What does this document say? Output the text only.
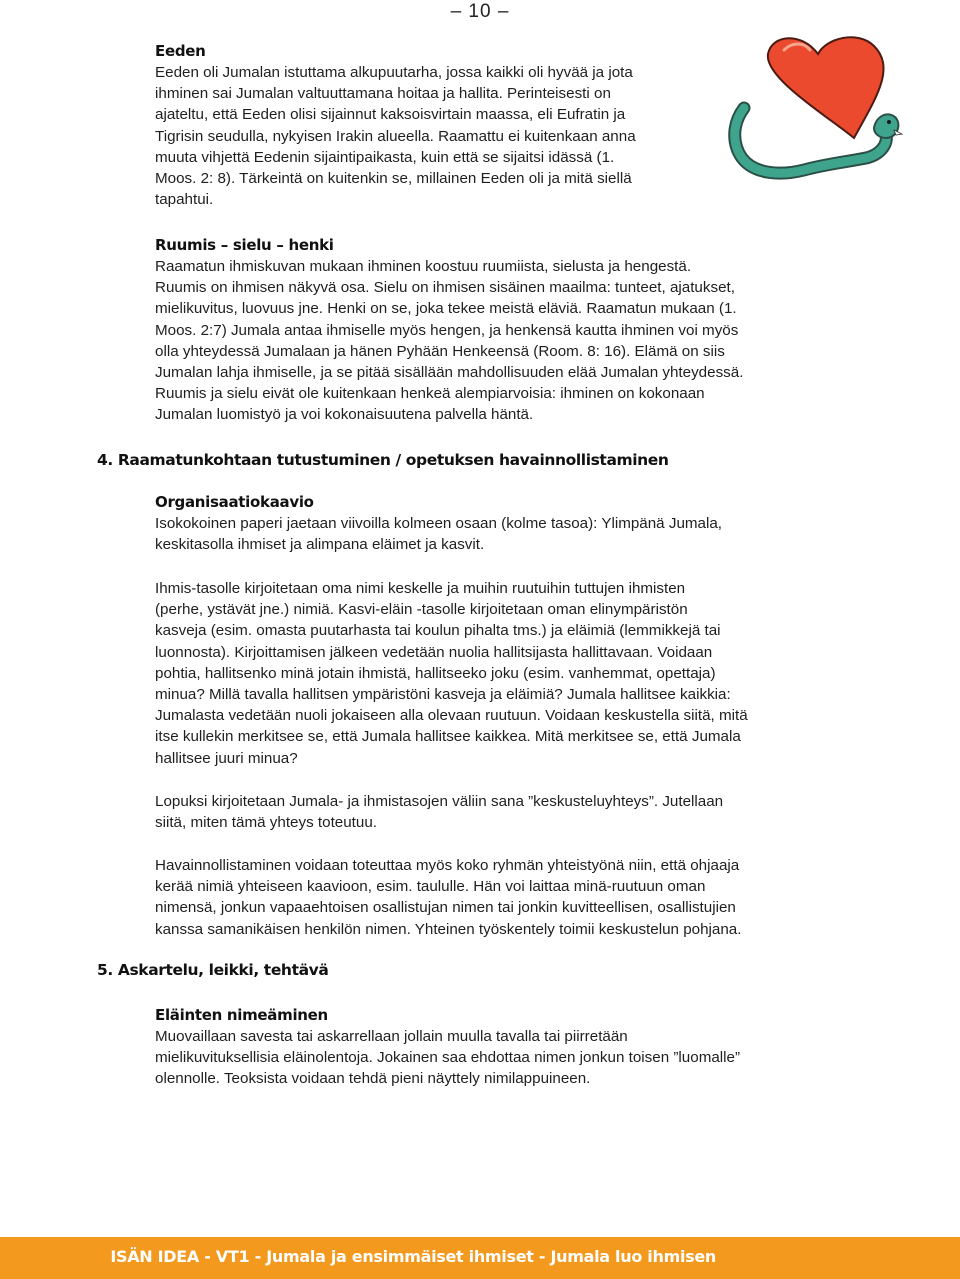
– 10 –

Eeden

Eeden oli Jumalan istuttama alkupuutarha, jossa kaikki oli hyvää ja jota
ihminen sai Jumalan valtuuttamana hoitaa ja hallita. Perinteisesti on
ajateltu, että Eeden olisi sijainnut kaksoisvirtain maassa, eli Eufratin ja
Tigrisin seudulla, nykyisen Irakin alueella. Raamattu ei kuitenkaan anna
muuta vihjettä Eedenin sijaintipaikasta, kuin että se sijaitsi idässä (1.
Moos. 2: 8). Tärkeintä on kuitenkin se, millainen Eeden oli ja mitä siellä
tapahtui.

Ruumis – sielu – henki

Raamatun ihmiskuvan mukaan ihminen koostuu ruumiista, sielusta ja hengestä.
Ruumis on ihmisen näkyvä osa. Sielu on ihmisen sisäinen maailma: tunteet, ajatukset,
mielikuvitus, luovuus jne. Henki on se, joka tekee meistä eläviä. Raamatun mukaan (1.
Moos. 2:7) Jumala antaa ihmiselle myös hengen, ja henkensä kautta ihminen voi myös
olla yhteydessä Jumalaan ja hänen Pyhään Henkeensä (Room. 8: 16). Elämä on siis
Jumalan lahja ihmiselle, ja se pitää sisällään mahdollisuuden elää Jumalan yhteydessä.
Ruumis ja sielu eivät ole kuitenkaan henkeä alempiarvoisia: ihminen on kokonaan
Jumalan luomistyö ja voi kokonaisuutena palvella häntä.

4. Raamatunkohtaan tutustuminen / opetuksen havainnollistaminen

Organisaatiokaavio

Isokokoinen paperi jaetaan viivoilla kolmeen osaan (kolme tasoa): Ylimpänä Jumala,
keskitasolla ihmiset ja alimpana eläimet ja kasvit.

Ihmis-tasolle kirjoitetaan oma nimi keskelle ja muihin ruutuihin tuttujen ihmisten
(perhe, ystävät jne.) nimiä. Kasvi-eläin -tasolle kirjoitetaan oman elinympäristön
kasveja (esim. omasta puutarhasta tai koulun pihalta tms.) ja eläimiä (lemmikkejä tai
luonnosta). Kirjoittamisen jälkeen vedetään nuolia hallitsijasta hallittavaan. Voidaan
pohtia, hallitsenko minä jotain ihmistä, hallitseeko joku (esim. vanhemmat, opettaja)
minua? Millä tavalla hallitsen ympäristöni kasveja ja eläimiä? Jumala hallitsee kaikkia:
Jumalasta vedetään nuoli jokaiseen alla olevaan ruutuun. Voidaan keskustella siitä, mitä
itse kullekin merkitsee se, että Jumala hallitsee kaikkea. Mitä merkitsee se, että Jumala
hallitsee juuri minua?

Lopuksi kirjoitetaan Jumala- ja ihmistasojen väliin sana ”keskusteluyhteys”. Jutellaan
siitä, miten tämä yhteys toteutuu.

Havainnollistaminen voidaan toteuttaa myös koko ryhmän yhteistyönä niin, että ohjaaja
kerää nimiä yhteiseen kaavioon, esim. taululle. Hän voi laittaa minä-ruutuun oman
nimensä, jonkun vapaaehtoisen osallistujan nimen tai jonkin kuvitteellisen, osallistujien
kanssa samanikäisen henkilön nimen. Yhteinen työskentely toimii keskustelun pohjana.

5. Askartelu, leikki, tehtävä

Eläinten nimeäminen

Muovaillaan savesta tai askarrellaan jollain muulla tavalla tai piirretään
mielikuvituksellisia eläinolentoja. Jokainen saa ehdottaa nimen jonkun toisen ”luomalle”
olennolle. Teoksista voidaan tehdä pieni näyttely nimilappuineen.

ISÄN IDEA - VT1 - Jumala ja ensimmäiset ihmiset - Jumala luo ihmisen
